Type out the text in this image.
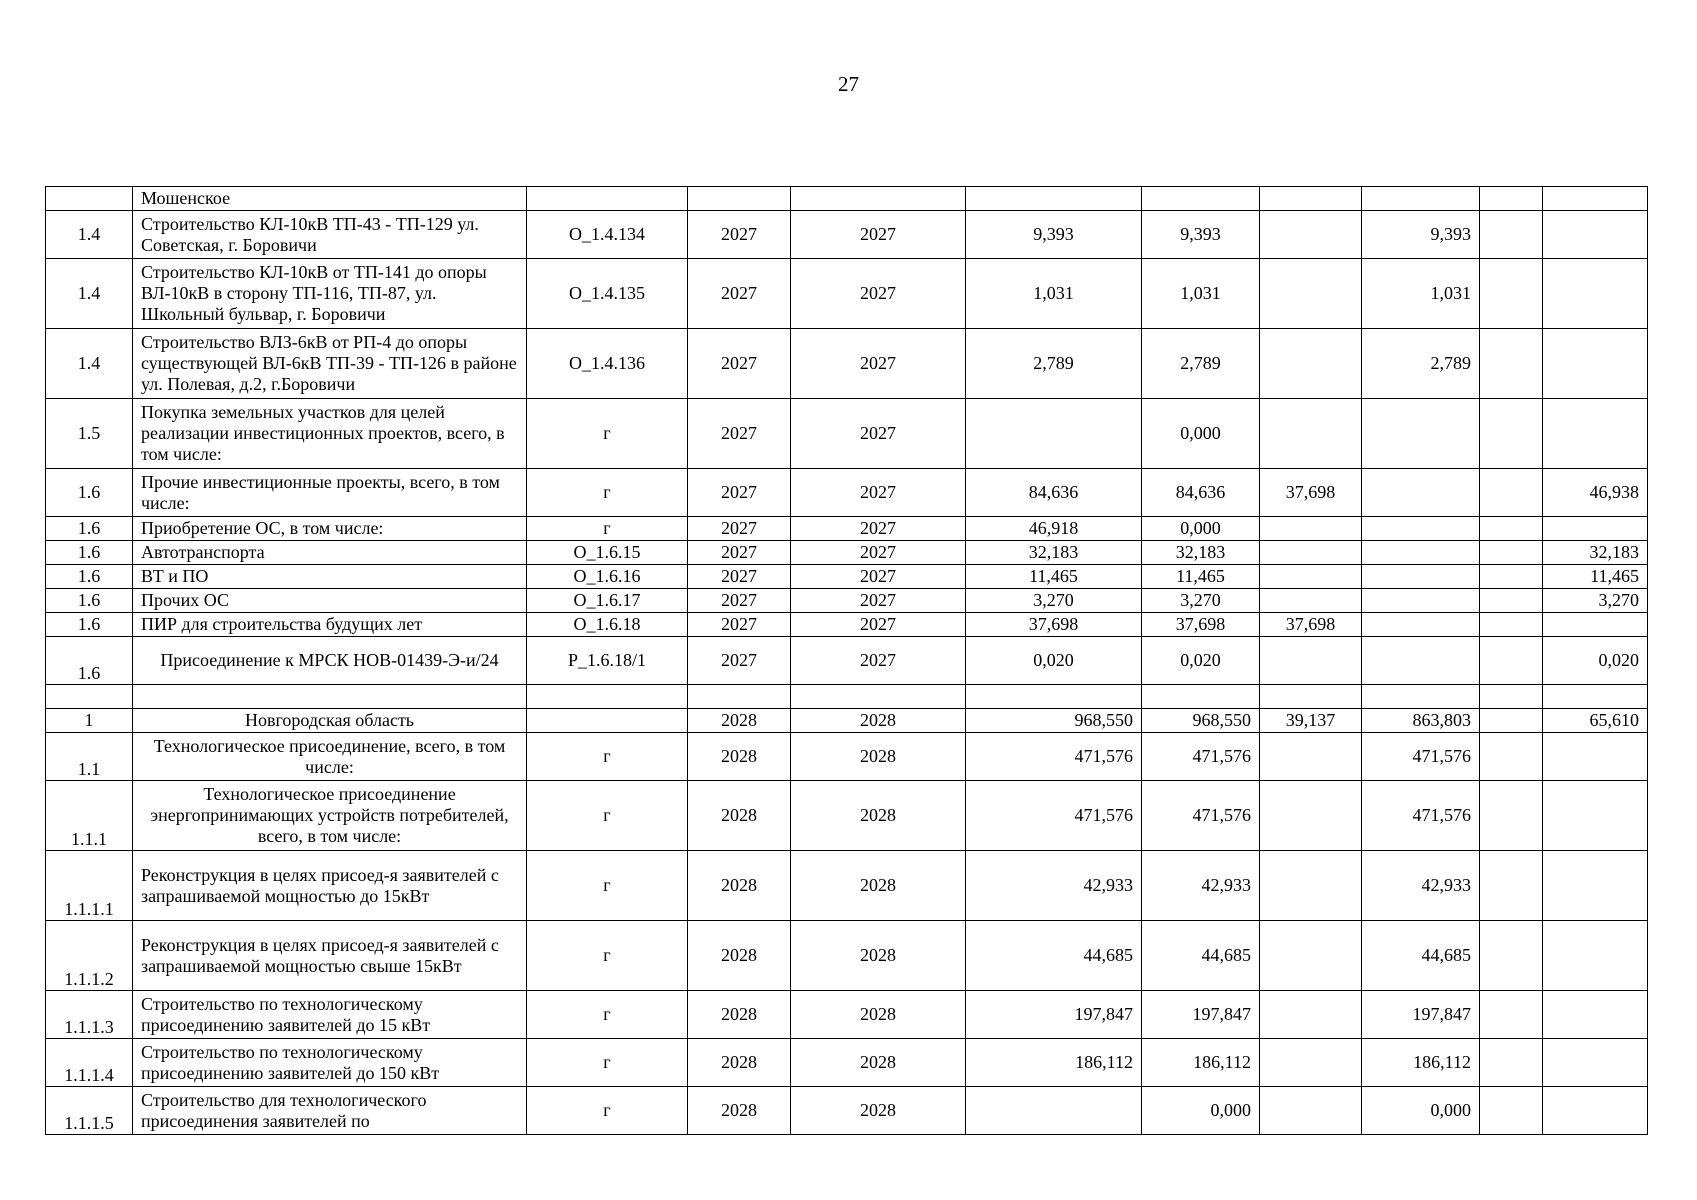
27
	Мошенское									
1.4	Строительство КЛ-10кВ ТП-43 - ТП-129 ул. Советская, г. Боровичи	О_1.4.134	2027	2027	9,393	9,393		9,393		
1.4	Строительство КЛ-10кВ от ТП-141 до опоры ВЛ-10кВ в сторону ТП-116, ТП-87, ул. Школьный бульвар, г. Боровичи	О_1.4.135	2027	2027	1,031	1,031		1,031		
1.4	Строительство ВЛЗ-6кВ от РП-4 до опоры существующей ВЛ-6кВ ТП-39 - ТП-126 в районе ул. Полевая, д.2, г.Боровичи	О_1.4.136	2027	2027	2,789	2,789		2,789		
1.5	Покупка земельных участков для целей реализации инвестиционных проектов, всего, в том числе:	г	2027	2027		0,000				
1.6	Прочие инвестиционные проекты, всего, в том числе:	г	2027	2027	84,636	84,636	37,698			46,938
1.6	Приобретение ОС, в том числе:	г	2027	2027	46,918	0,000				
1.6	Автотранспорта	О_1.6.15	2027	2027	32,183	32,183				32,183
1.6	ВТ и ПО	О_1.6.16	2027	2027	11,465	11,465				11,465
1.6	Прочих ОС	О_1.6.17	2027	2027	3,270	3,270				3,270
1.6	ПИР для строительства будущих лет	О_1.6.18	2027	2027	37,698	37,698	37,698			
1.6	Присоединение к МРСК НОВ-01439-Э-и/24	Р_1.6.18/1	2027	2027	0,020	0,020				0,020

1	Новгородская область		2028	2028	968,550	968,550	39,137	863,803		65,610
1.1	Технологическое присоединение, всего, в том числе:	г	2028	2028	471,576	471,576		471,576		
1.1.1	Технологическое присоединение энергопринимающих устройств потребителей, всего, в том числе:	г	2028	2028	471,576	471,576		471,576		
1.1.1.1	Реконструкция в целях присоед-я заявителей с запрашиваемой мощностью до 15кВт	г	2028	2028	42,933	42,933		42,933		
1.1.1.2	Реконструкция в целях присоед-я заявителей с запрашиваемой мощностью свыше 15кВт	г	2028	2028	44,685	44,685		44,685		
1.1.1.3	Строительство по технологическому присоединению заявителей до 15 кВт	г	2028	2028	197,847	197,847		197,847		
1.1.1.4	Строительство по технологическому присоединению заявителей до 150 кВт	г	2028	2028	186,112	186,112		186,112		
1.1.1.5	Строительство для технологического присоединения заявителей по	г	2028	2028		0,000		0,000		
